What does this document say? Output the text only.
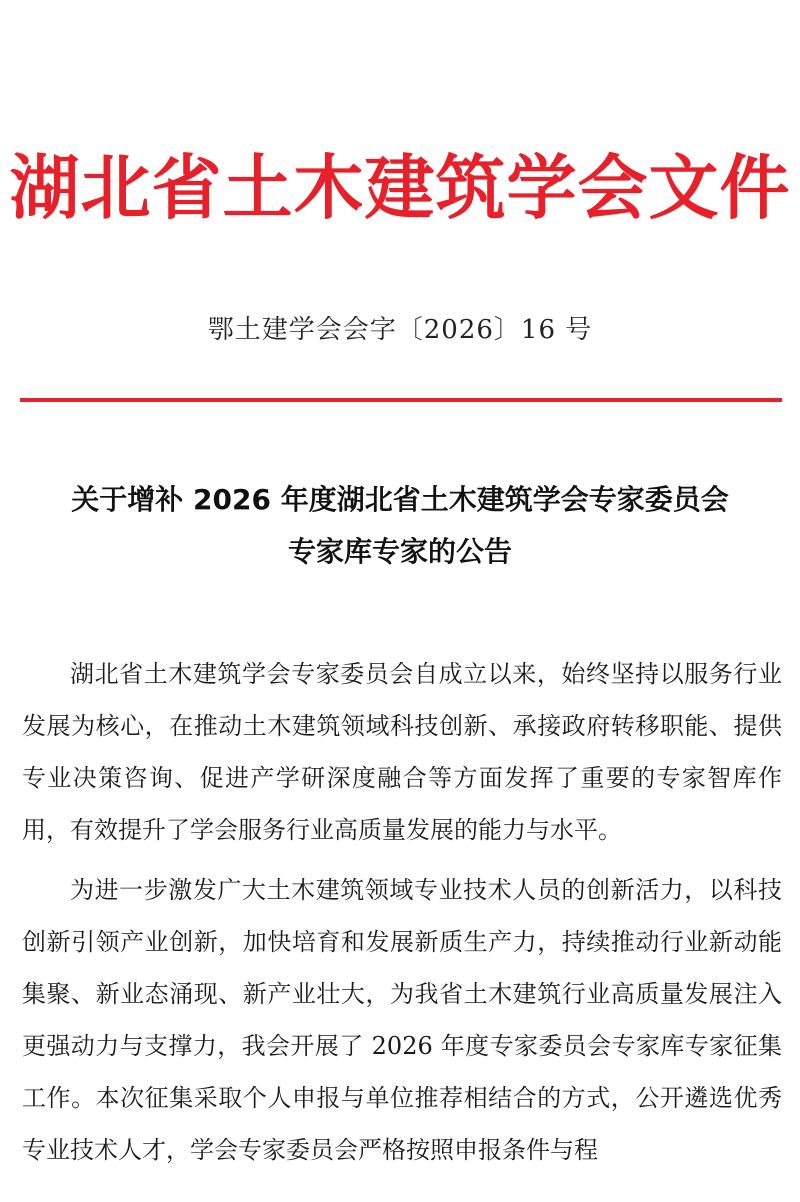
湖北省土木建筑学会文件
鄂土建学会会字〔2026〕16 号
关于增补 2026 年度湖北省土木建筑学会专家委员会
专家库专家的公告

湖北省土木建筑学会专家委员会自成立以来，始终坚持以服务行业发展为核心，在推动土木建筑领域科技创新、承接政府转移职能、提供专业决策咨询、促进产学研深度融合等方面发挥了重要的专家智库作用，有效提升了学会服务行业高质量发展的能力与水平。

为进一步激发广大土木建筑领域专业技术人员的创新活力，以科技创新引领产业创新，加快培育和发展新质生产力，持续推动行业新动能集聚、新业态涌现、新产业壮大，为我省土木建筑行业高质量发展注入更强动力与支撑力，我会开展了 2026 年度专家委员会专家库专家征集工作。本次征集采取个人申报与单位推荐相结合的方式，公开遴选优秀专业技术人才，学会专家委员会严格按照申报条件与程
